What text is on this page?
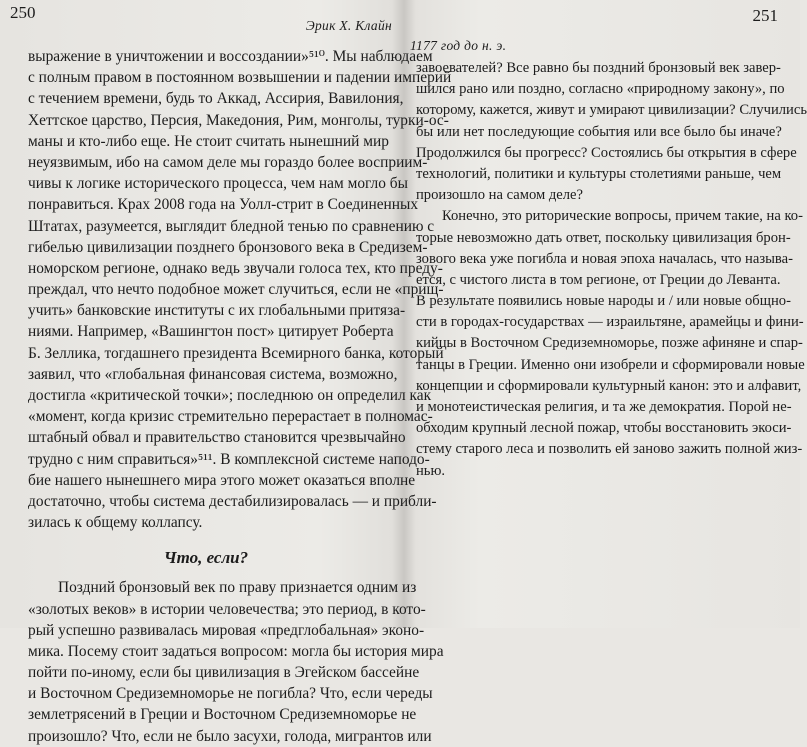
250
Эрик Х. Клайн
выражение в уничтожении и воссоздании»⁵¹⁰. Мы наблюдаем
с полным правом в постоянном возвышении и падении империй
с течением времени, будь то Аккад, Ассирия, Вавилония,
Хеттское царство, Персия, Македония, Рим, монголы, турки-ос-
маны и кто-либо еще. Не стоит считать нынешний мир
неуязвимым, ибо на самом деле мы гораздо более восприим-
чивы к логике исторического процесса, чем нам могло бы
понравиться. Крах 2008 года на Уолл-стрит в Соединенных
Штатах, разумеется, выглядит бледной тенью по сравнению с
гибелью цивилизации позднего бронзового века в Средизем-
номорском регионе, однако ведь звучали голоса тех, кто преду-
преждал, что нечто подобное может случиться, если не «прищ-
учить» банковские институты с их глобальными притяза-
ниями. Например, «Вашингтон пост» цитирует Роберта
Б. Зеллика, тогдашнего президента Всемирного банка, который
заявил, что «глобальная финансовая система, возможно,
достигла «критической точки»; последнюю он определил как
«момент, когда кризис стремительно перерастает в полномас-
штабный обвал и правительство становится чрезвычайно
трудно с ним справиться»⁵¹¹. В комплексной системе наподо-
бие нашего нынешнего мира этого может оказаться вполне
достаточно, чтобы система дестабилизировалась — и прибли-
зилась к общему коллапсу.
Что, если?
Поздний бронзовый век по праву признается одним из
«золотых веков» в истории человечества; это период, в кото-
рый успешно развивалась мировая «предглобальная» эконо-
мика. Посему стоит задаться вопросом: могла бы история мира
пойти по-иному, если бы цивилизация в Эгейском бассейне
и Восточном Средиземноморье не погибла? Что, если череды
землетрясений в Греции и Восточном Средиземноморье не
произошло? Что, если не было засухи, голода, мигрантов или
251
1177 год до н. э.
завоевателей? Все равно бы поздний бронзовый век завер-
шился рано или поздно, согласно «природному закону», по
которому, кажется, живут и умирают цивилизации? Случились
бы или нет последующие события или все было бы иначе?
Продолжился бы прогресс? Состоялись бы открытия в сфере
технологий, политики и культуры столетиями раньше, чем
произошло на самом деле?
Конечно, это риторические вопросы, причем такие, на ко-
торые невозможно дать ответ, поскольку цивилизация брон-
зового века уже погибла и новая эпоха началась, что называ-
ется, с чистого листа в том регионе, от Греции до Леванта.
В результате появились новые народы и / или новые общно-
сти в городах-государствах — израильтяне, арамейцы и фини-
кийцы в Восточном Средиземноморье, позже афиняне и спар-
танцы в Греции. Именно они изобрели и сформировали новые
концепции и сформировали культурный канон: это и алфавит,
и монотеистическая религия, и та же демократия. Порой не-
обходим крупный лесной пожар, чтобы восстановить экоси-
стему старого леса и позволить ей заново зажить полной жиз-
нью.
